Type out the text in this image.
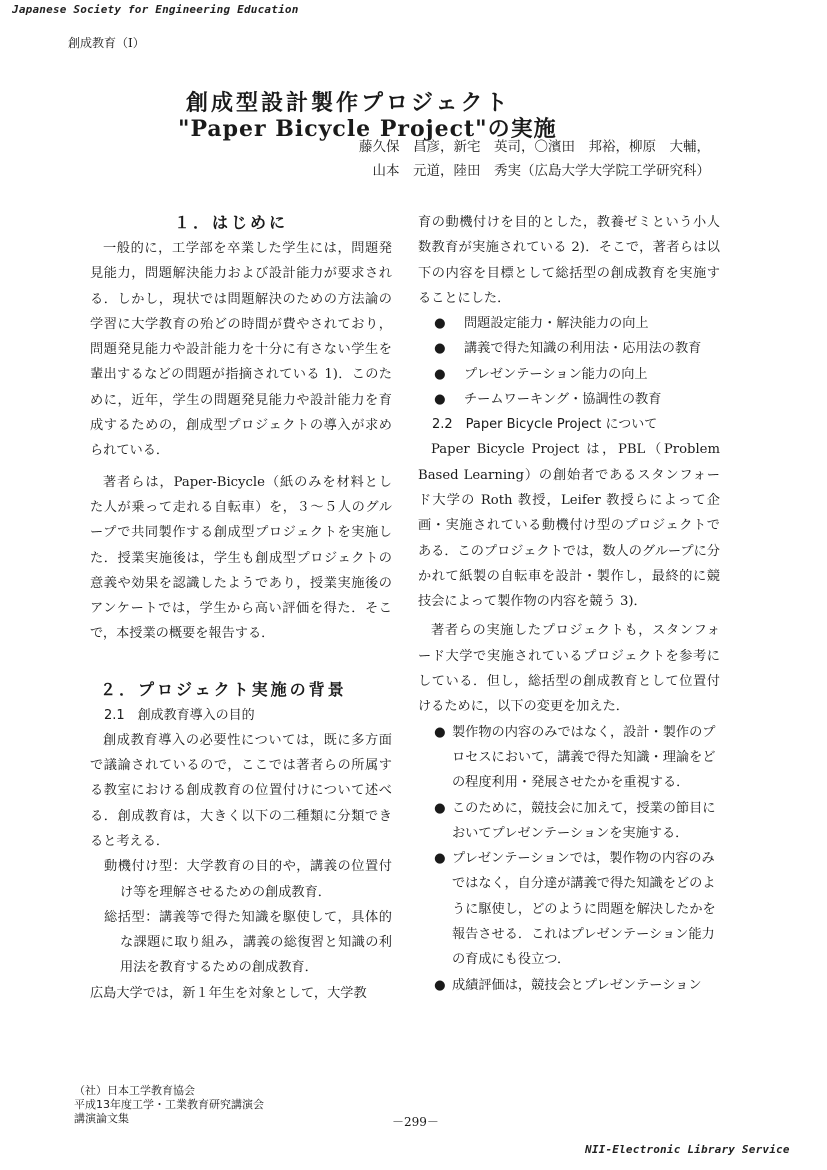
Japanese Society for Engineering Education
創成教育（Ⅰ）
創成型設計製作プロジェクト
"Paper Bicycle Project"の実施
藤久保　昌彦，新宅　英司，〇濱田　邦裕，柳原　大輔，
山本　元道，陸田　秀実（広島大学大学院工学研究科）
１．はじめに

一般的に，工学部を卒業した学生には，問題発見能力，問題解決能力および設計能力が要求される．しかし，現状では問題解決のための方法論の学習に大学教育の殆どの時間が費やされており，問題発見能力や設計能力を十分に有さない学生を輩出するなどの問題が指摘されている 1)．このために，近年，学生の問題発見能力や設計能力を育成するための，創成型プロジェクトの導入が求められている．

著者らは，Paper-Bicycle（紙のみを材料とした人が乗って走れる自転車）を，３～５人のグループで共同製作する創成型プロジェクトを実施した．授業実施後は，学生も創成型プロジェクトの意義や効果を認識したようであり，授業実施後のアンケートでは，学生から高い評価を得た．そこで，本授業の概要を報告する．

２．プロジェクト実施の背景
2.1　創成教育導入の目的

創成教育導入の必要性については，既に多方面で議論されているので，ここでは著者らの所属する教室における創成教育の位置付けについて述べる．創成教育は，大きく以下の二種類に分類できると考える．

動機付け型：大学教育の目的や，講義の位置付け等を理解させるための創成教育．

総括型：講義等で得た知識を駆使して，具体的な課題に取り組み，講義の総復習と知識の利用法を教育するための創成教育．

広島大学では，新１年生を対象として，大学教

育の動機付けを目的とした，教養ゼミという小人数教育が実施されている 2)．そこで，著者らは以下の内容を目標として総括型の創成教育を実施することにした．

● 問題設定能力・解決能力の向上
● 講義で得た知識の利用法・応用法の教育
● プレゼンテーション能力の向上
● チームワーキング・協調性の教育
2.2　Paper Bicycle Project について

Paper Bicycle Project は，PBL（Problem Based Learning）の創始者であるスタンフォード大学の Roth 教授，Leifer 教授らによって企画・実施されている動機付け型のプロジェクトである．このプロジェクトでは，数人のグループに分かれて紙製の自転車を設計・製作し，最終的に競技会によって製作物の内容を競う 3)．

著者らの実施したプロジェクトも，スタンフォード大学で実施されているプロジェクトを参考にしている．但し，総括型の創成教育として位置付けるために，以下の変更を加えた．

● 製作物の内容のみではなく，設計・製作のプロセスにおいて，講義で得た知識・理論をどの程度利用・発展させたかを重視する．
● このために，競技会に加えて，授業の節目においてプレゼンテーションを実施する．
● プレゼンテーションでは，製作物の内容のみではなく，自分達が講義で得た知識をどのように駆使し，どのように問題を解決したかを報告させる．これはプレゼンテーション能力の育成にも役立つ．
● 成績評価は，競技会とプレゼンテーション
（社）日本工学教育協会
平成13年度工学・工業教育研究講演会
講演論文集	－299－
NII-Electronic Library Service
